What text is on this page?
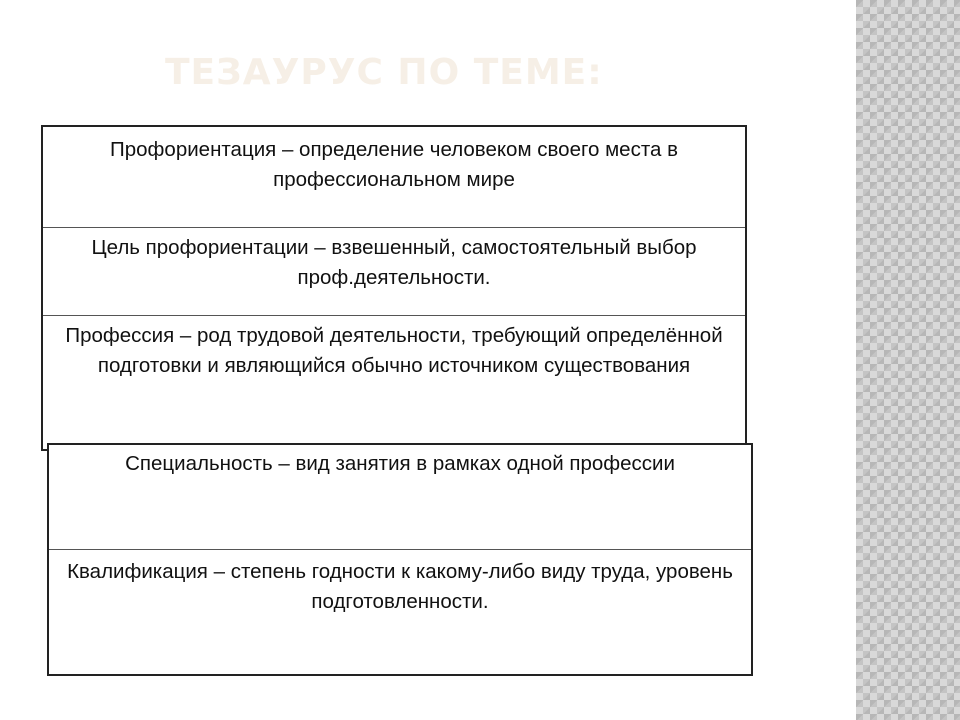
ТЕЗАУРУС ПО ТЕМЕ:
Профориентация – определение человеком своего места в профессиональном мире
Цель профориентации – взвешенный, самостоятельный выбор проф.деятельности.
Профессия – род трудовой деятельности, требующий определённой подготовки и являющийся обычно источником существования
Специальность – вид занятия в рамках одной профессии
Квалификация – степень годности к какому-либо виду труда, уровень подготовленности.
